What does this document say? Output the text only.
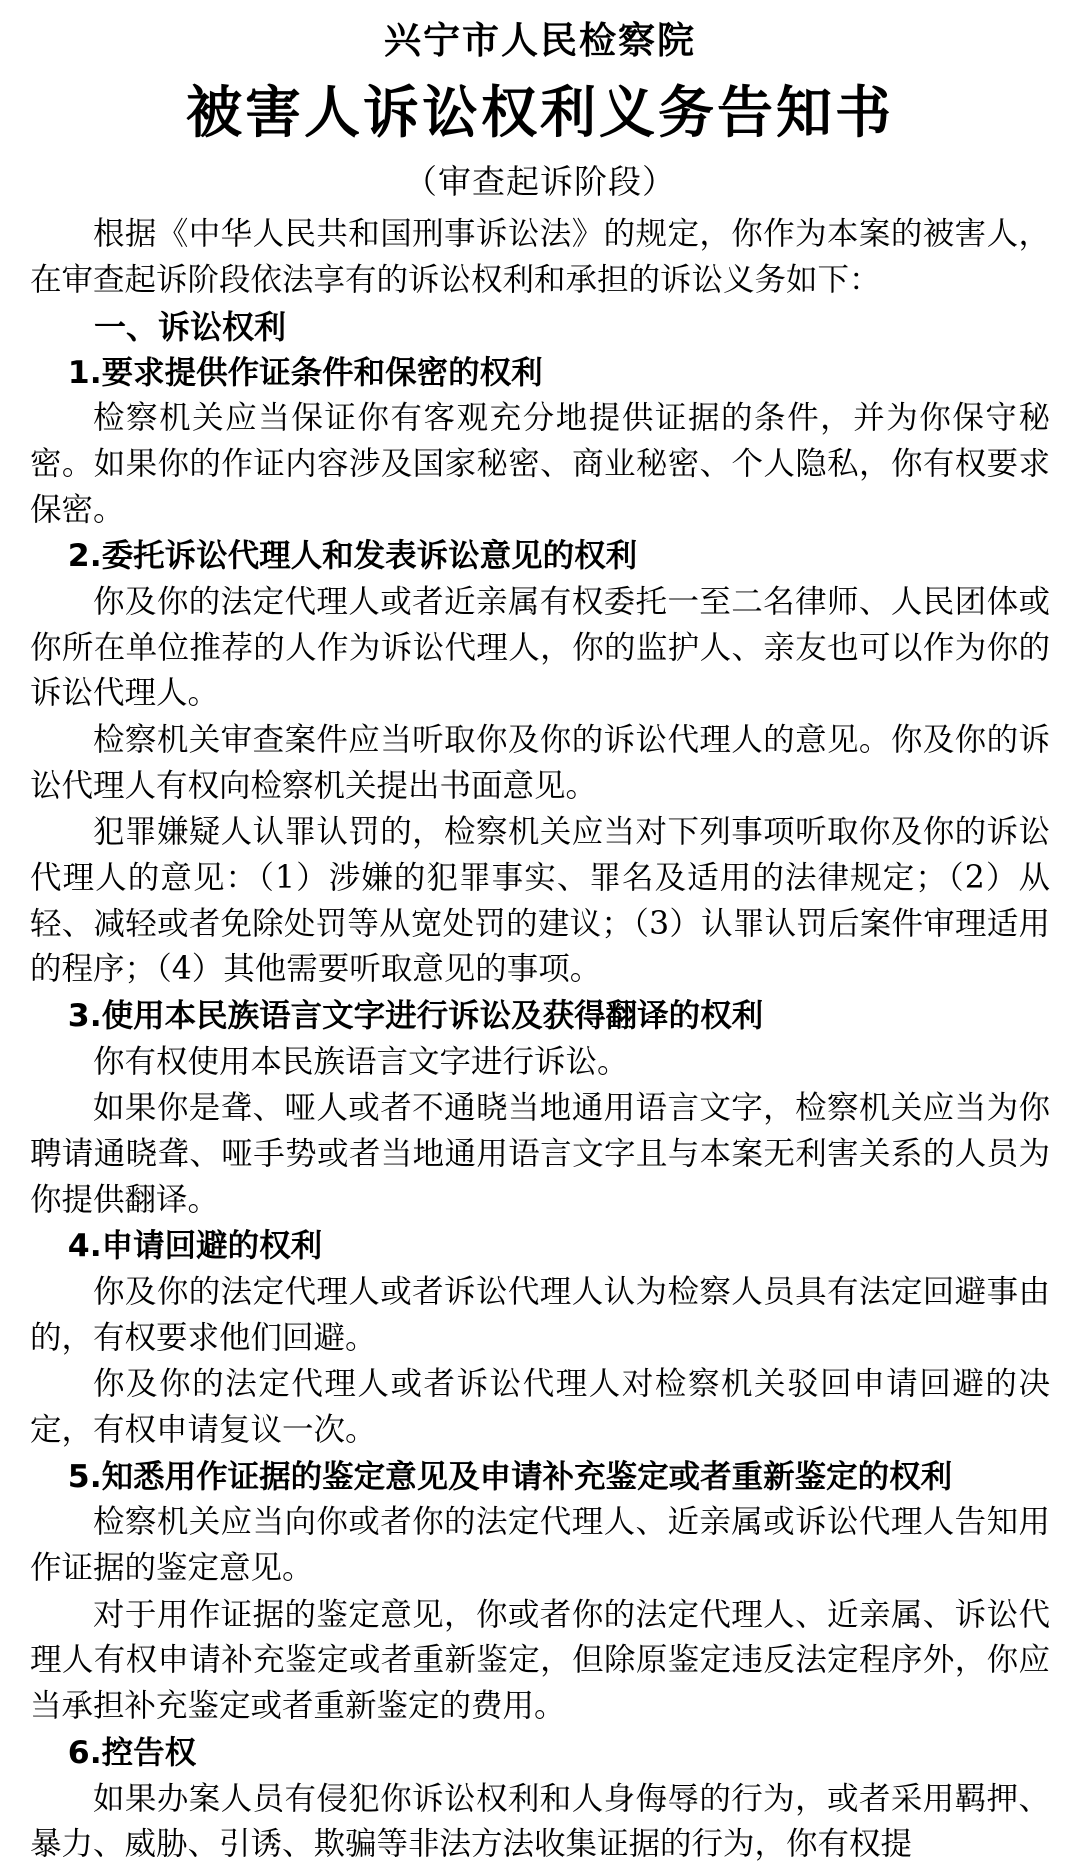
兴宁市人民检察院
被害人诉讼权利义务告知书
（审查起诉阶段）

根据《中华人民共和国刑事诉讼法》的规定，你作为本案的被害人，在审查起诉阶段依法享有的诉讼权利和承担的诉讼义务如下：

一、诉讼权利

1.要求提供作证条件和保密的权利

检察机关应当保证你有客观充分地提供证据的条件，并为你保守秘密。如果你的作证内容涉及国家秘密、商业秘密、个人隐私，你有权要求保密。

2.委托诉讼代理人和发表诉讼意见的权利

你及你的法定代理人或者近亲属有权委托一至二名律师、人民团体或你所在单位推荐的人作为诉讼代理人，你的监护人、亲友也可以作为你的诉讼代理人。

检察机关审查案件应当听取你及你的诉讼代理人的意见。你及你的诉讼代理人有权向检察机关提出书面意见。

犯罪嫌疑人认罪认罚的，检察机关应当对下列事项听取你及你的诉讼代理人的意见：（1）涉嫌的犯罪事实、罪名及适用的法律规定；（2）从轻、减轻或者免除处罚等从宽处罚的建议；（3）认罪认罚后案件审理适用的程序；（4）其他需要听取意见的事项。

3.使用本民族语言文字进行诉讼及获得翻译的权利

你有权使用本民族语言文字进行诉讼。

如果你是聋、哑人或者不通晓当地通用语言文字，检察机关应当为你聘请通晓聋、哑手势或者当地通用语言文字且与本案无利害关系的人员为你提供翻译。

4.申请回避的权利

你及你的法定代理人或者诉讼代理人认为检察人员具有法定回避事由的，有权要求他们回避。

你及你的法定代理人或者诉讼代理人对检察机关驳回申请回避的决定，有权申请复议一次。

5.知悉用作证据的鉴定意见及申请补充鉴定或者重新鉴定的权利

检察机关应当向你或者你的法定代理人、近亲属或诉讼代理人告知用作证据的鉴定意见。

对于用作证据的鉴定意见，你或者你的法定代理人、近亲属、诉讼代理人有权申请补充鉴定或者重新鉴定，但除原鉴定违反法定程序外，你应当承担补充鉴定或者重新鉴定的费用。

6.控告权

如果办案人员有侵犯你诉讼权利和人身侮辱的行为，或者采用羁押、暴力、威胁、引诱、欺骗等非法方法收集证据的行为，你有权提
